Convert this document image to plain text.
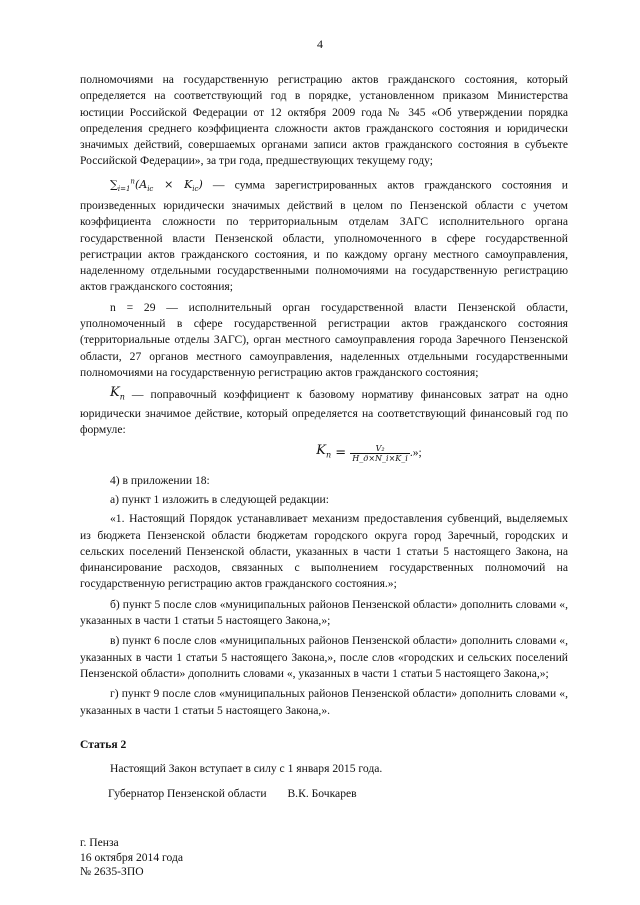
4

полномочиями на государственную регистрацию актов гражданского состояния, который определяется на соответствующий год в порядке, установленном приказом Министерства юстиции Российской Федерации от 12 октября 2009 года № 345 «Об утверждении порядка определения среднего коэффициента сложности актов гражданского состояния и юридически значимых действий, совершаемых органами записи актов гражданского состояния в субъекте Российской Федерации», за три года, предшествующих текущему году;

$\sum_{i=1}^n(A_{ic} \times K_{ic})$ — сумма зарегистрированных актов гражданского состояния и произведенных юридически значимых действий в целом по Пензенской области с учетом коэффициента сложности по территориальным отделам ЗАГС исполнительного органа государственной власти Пензенской области, уполномоченного в сфере государственной регистрации актов гражданского состояния, и по каждому органу местного самоуправления, наделенному отдельными государственными полномочиями на государственную регистрацию актов гражданского состояния;

n = 29 — исполнительный орган государственной власти Пензенской области, уполномоченный в сфере государственной регистрации актов гражданского состояния (территориальные отделы ЗАГС), орган местного самоуправления города Заречного Пензенской области, 27 органов местного самоуправления, наделенных отдельными государственными полномочиями на государственную регистрацию актов гражданского состояния;

$K_п$ — поправочный коэффициент к базовому нормативу финансовых затрат на одно юридически значимое действие, который определяется на соответствующий финансовый год по формуле:

$K_п = \frac{\text{V₂}}{H\_д\times N\_i\times K\_i}$ .»;

4) в приложении 18:

а) пункт 1 изложить в следующей редакции:

«1. Настоящий Порядок устанавливает механизм предоставления субвенций, выделяемых из бюджета Пензенской области бюджетам городского округа город Заречный, городских и сельских поселений Пензенской области, указанных в части 1 статьи 5 настоящего Закона, на финансирование расходов, связанных с выполнением государственных полномочий на государственную регистрацию актов гражданского состояния.»;

б) пункт 5 после слов «муниципальных районов Пензенской области» дополнить словами «, указанных в части 1 статьи 5 настоящего Закона,»;

в) пункт 6 после слов «муниципальных районов Пензенской области» дополнить словами «, указанных в части 1 статьи 5 настоящего Закона,», после слов «городских и сельских поселений Пензенской области» дополнить словами «, указанных в части 1 статьи 5 настоящего Закона,»;

г) пункт 9 после слов «муниципальных районов Пензенской области» дополнить словами «, указанных в части 1 статьи 5 настоящего Закона,».

Статья 2

Настоящий Закон вступает в силу с 1 января 2015 года.

Губернатор Пензенской области В.К. Бочкарев
г. Пенза
16 октября 2014 года
№ 2635-ЗПО
